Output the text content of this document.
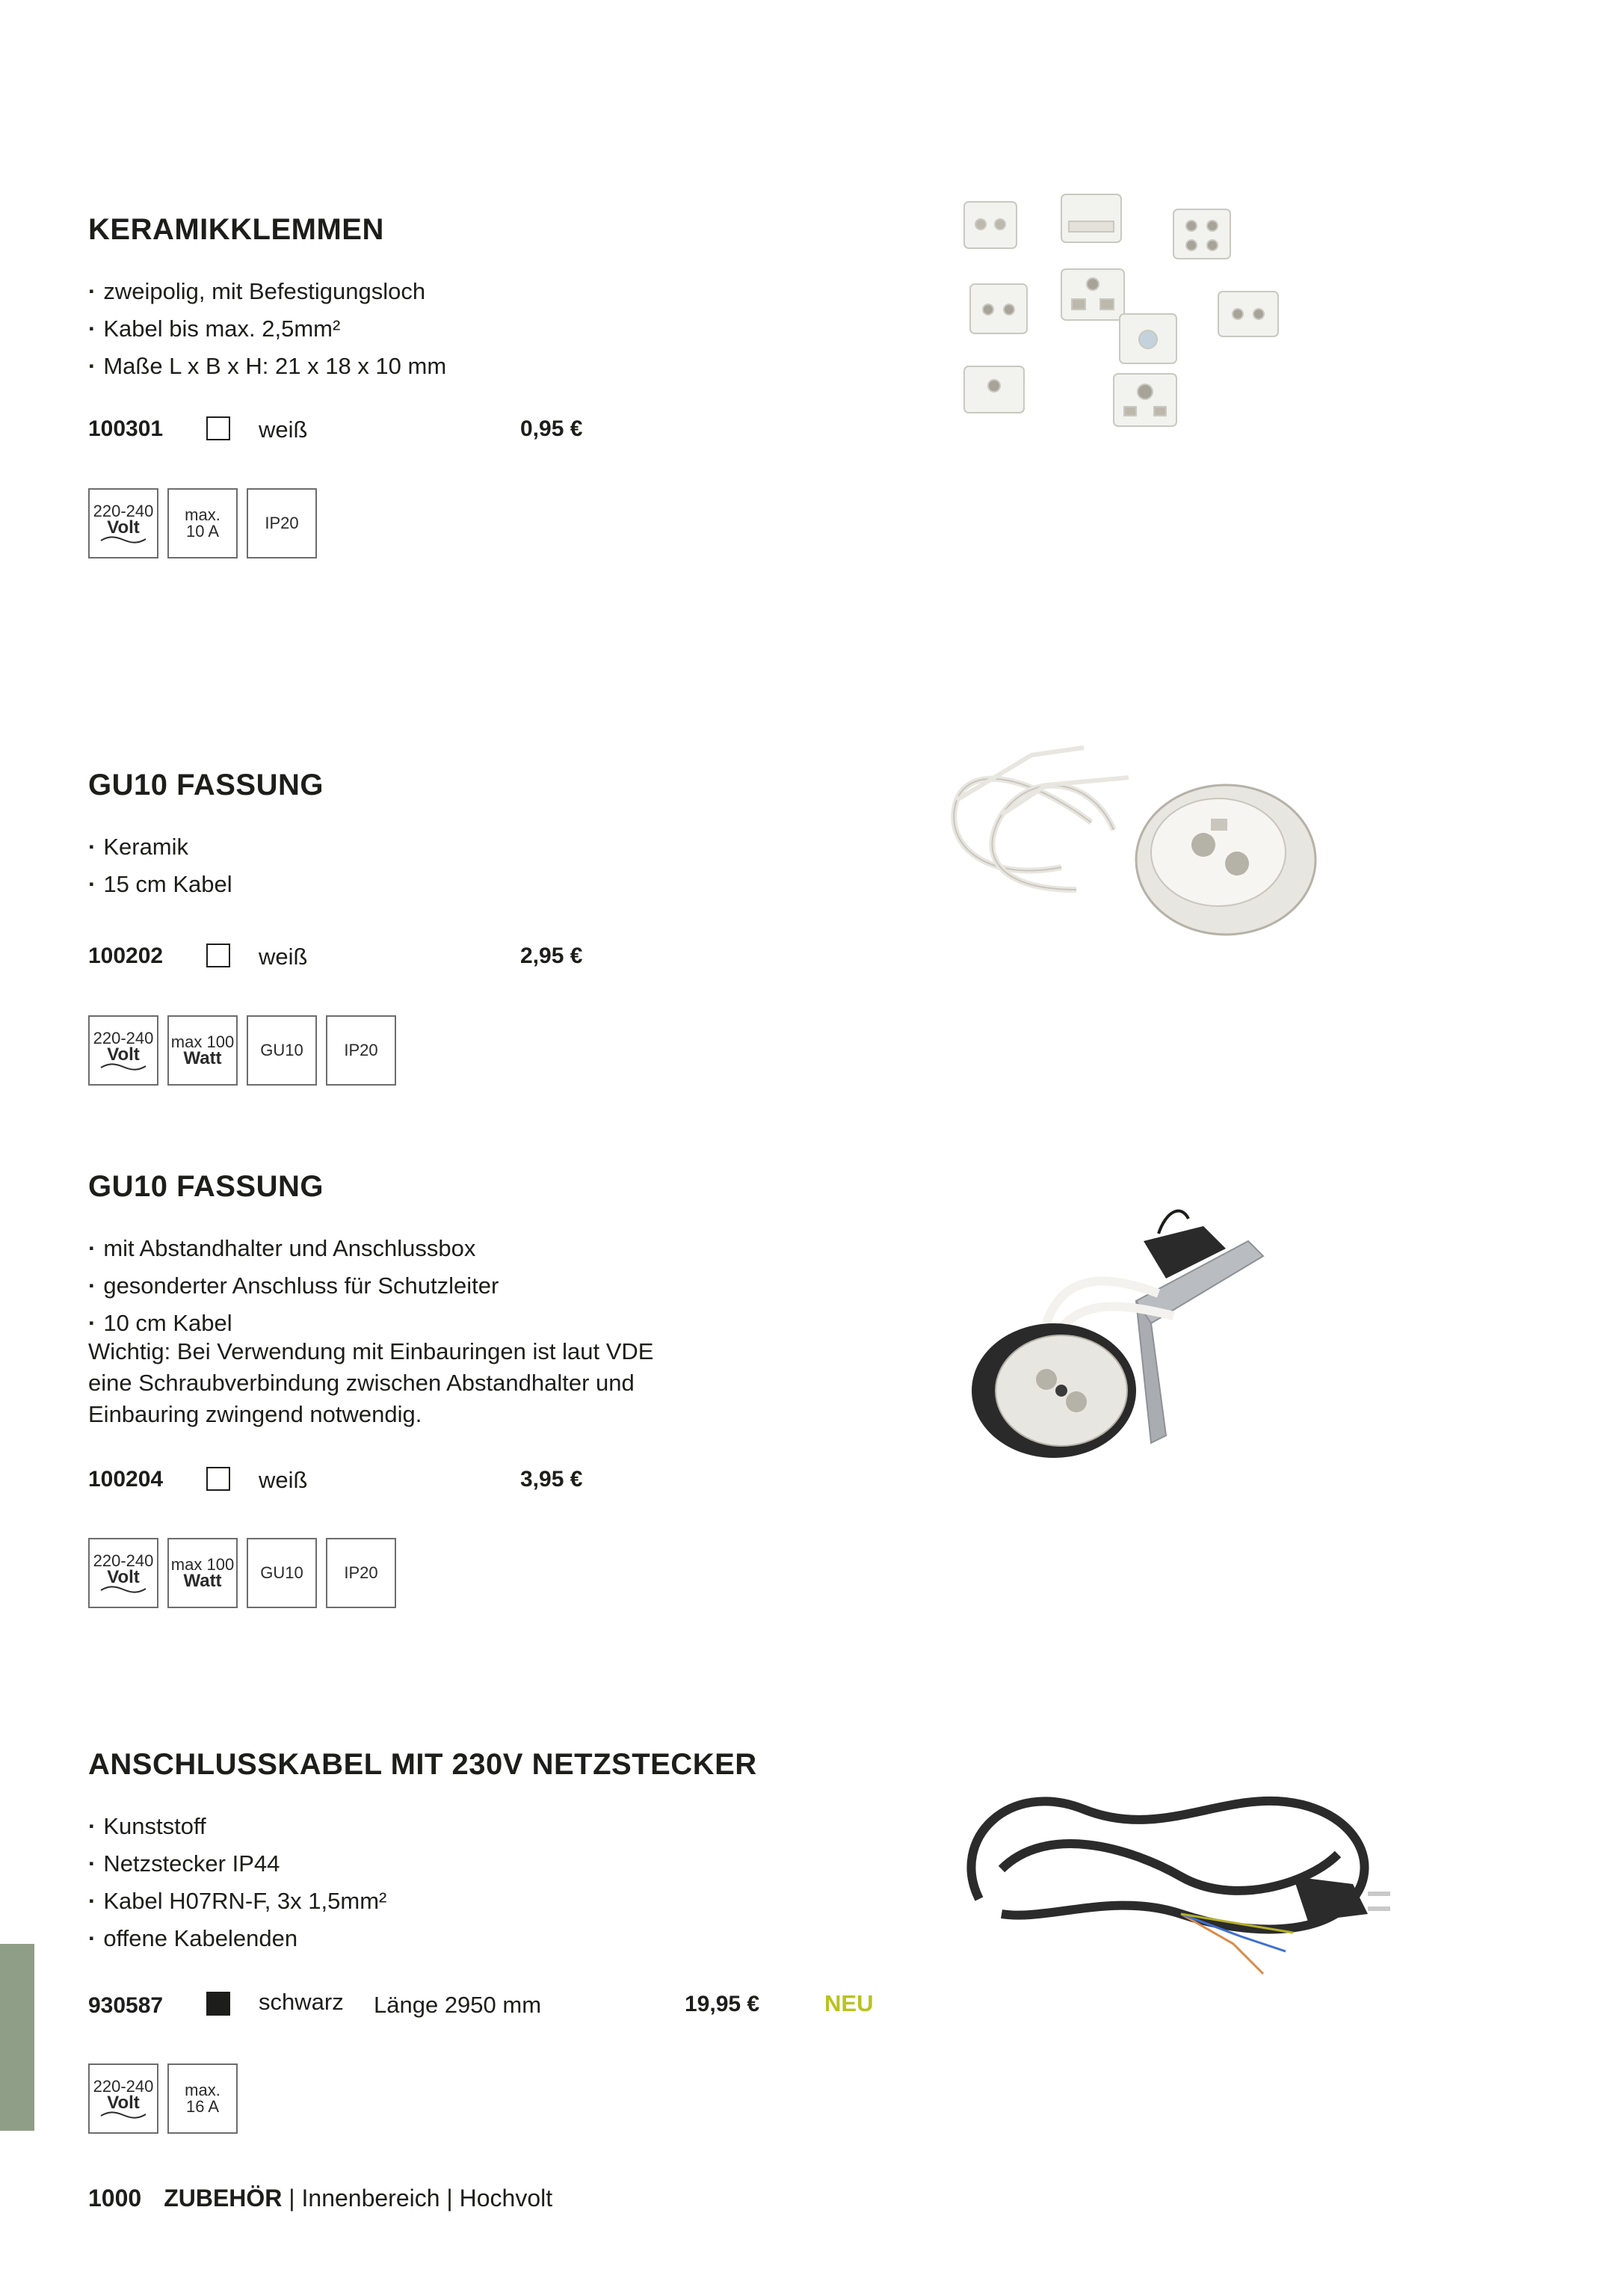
KERAMIKKLEMMEN
· zweipolig, mit Befestigungsloch
· Kabel bis max. 2,5mm²
· Maße L x B x H: 21 x 18 x 10 mm
100301	weiß	0,95 €
220-240
Volt
max.
10 A	IP20
GU10 FASSUNG
· Keramik
· 15 cm Kabel
100202	weiß	2,95 €
220-240
Volt
max 100
Watt GU10 IP20
GU10 FASSUNG
· mit Abstandhalter und Anschlussbox
· gesonderter Anschluss für Schutzleiter
· 10 cm Kabel
Wichtig: Bei Verwendung mit Einbauringen ist laut VDE
eine Schraubverbindung zwischen Abstandhalter und
Einbauring zwingend notwendig.
100204	weiß	3,95 €
220-240
Volt
max 100
Watt GU10 IP20
ANSCHLUSSKABEL MIT 230V NETZSTECKER
· Kunststoff
· Netzstecker IP44
· Kabel H07RN-F, 3x 1,5mm²
· offene Kabelenden
930587	schwarz Länge 2950 mm	19,95 €	NEU
220-240
Volt
max.
16 A
1000 ZUBEHÖR | Innenbereich | Hochvolt
